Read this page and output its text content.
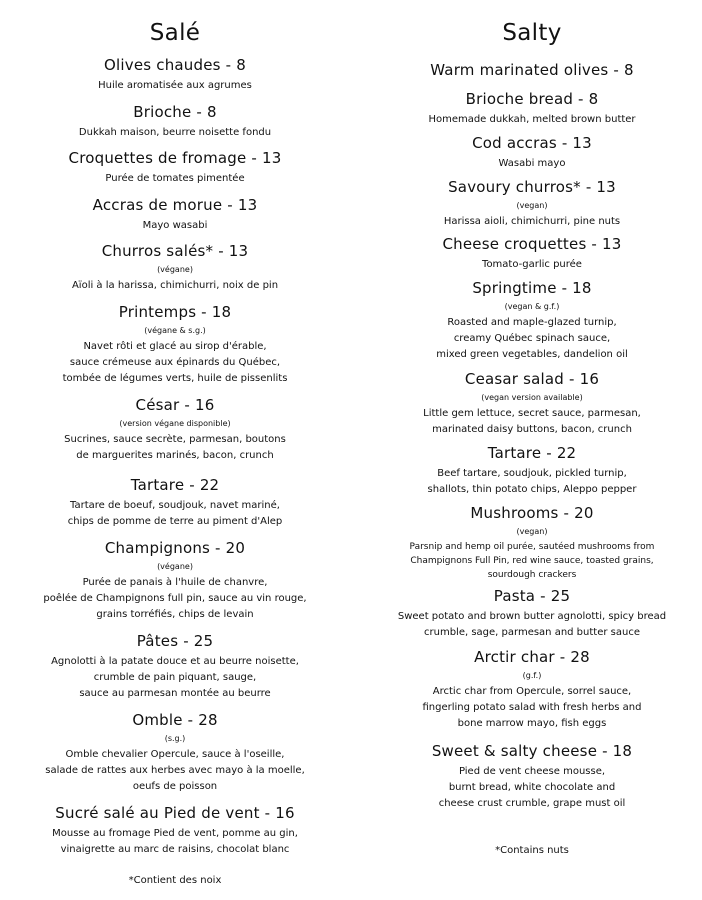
Salé
Olives chaudes - 8
Huile aromatisée aux agrumes
Brioche - 8
Dukkah maison, beurre noisette fondu
Croquettes de fromage - 13
Purée de tomates pimentée
Accras de morue - 13
Mayo wasabi
Churros salés* - 13
(végane)
Aïoli à la harissa, chimichurri, noix de pin
Printemps - 18
(végane & s.g.)
Navet rôti et glacé au sirop d'érable,
sauce crémeuse aux épinards du Québec,
tombée de légumes verts, huile de pissenlits
César - 16
(version végane disponible)
Sucrines, sauce secrète, parmesan, boutons
de marguerites marinés, bacon, crunch
Tartare - 22
Tartare de boeuf, soudjouk, navet mariné,
chips de pomme de terre au piment d'Alep
Champignons - 20
(végane)
Purée de panais à l'huile de chanvre,
poêlée de Champignons full pin, sauce au vin rouge,
grains torréfiés, chips de levain
Pâtes - 25
Agnolotti à la patate douce et au beurre noisette,
crumble de pain piquant, sauge,
sauce au parmesan montée au beurre
Omble - 28
(s.g.)
Omble chevalier Opercule, sauce à l'oseille,
salade de rattes aux herbes avec mayo à la moelle,
oeufs de poisson
Sucré salé au Pied de vent - 16
Mousse au fromage Pied de vent, pomme au gin,
vinaigrette au marc de raisins, chocolat blanc
*Contient des noix
Salty
Warm marinated olives - 8
Brioche bread - 8
Homemade dukkah, melted brown butter
Cod accras - 13
Wasabi mayo
Savoury churros* - 13
(vegan)
Harissa aioli, chimichurri, pine nuts
Cheese croquettes - 13
Tomato-garlic purée
Springtime - 18
(vegan & g.f.)
Roasted and maple-glazed turnip,
creamy Québec spinach sauce,
mixed green vegetables, dandelion oil
Ceasar salad - 16
(vegan version available)
Little gem lettuce, secret sauce, parmesan,
marinated daisy buttons, bacon, crunch
Tartare - 22
Beef tartare, soudjouk, pickled turnip,
shallots, thin potato chips, Aleppo pepper
Mushrooms - 20
(vegan)
Parsnip and hemp oil purée, sautéed mushrooms from
Champignons Full Pin, red wine sauce, toasted grains,
sourdough crackers
Pasta - 25
Sweet potato and brown butter agnolotti, spicy bread
crumble, sage, parmesan and butter sauce
Arctir char - 28
(g.f.)
Arctic char from Opercule, sorrel sauce,
fingerling potato salad with fresh herbs and
bone marrow mayo, fish eggs
Sweet & salty cheese - 18
Pied de vent cheese mousse,
burnt bread, white chocolate and
cheese crust crumble, grape must oil
*Contains nuts
